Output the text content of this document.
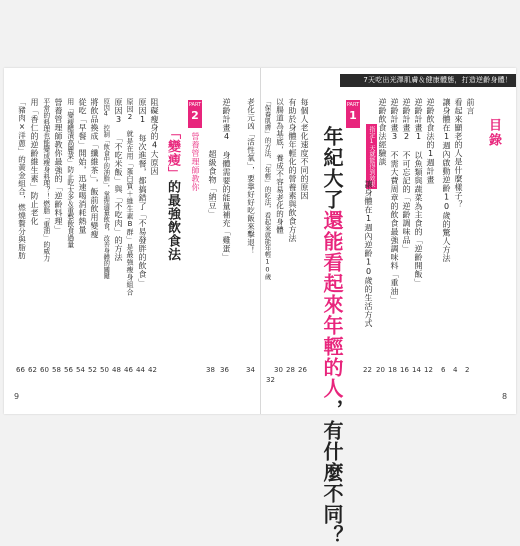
7天吃出光澤肌膚＆健康體態，打造逆齡身體！
目錄
前言
2
看起來顯老的人是什麼樣子？
4
讓身體在1週內啟動逆齡10歲的驚人方法
6
逆齡飲食法的1週計畫
12
逆齡計畫1 以魚類與蔬菜為主食的「逆齡開飯」
14
逆齡計畫2 不可忘記的「逆齡調味品」
16
逆齡計畫3 不需大費周章的飲食最強調味料「重油」
18
逆齡飲食法經驗談
20
指定1天就能得到效果
讓身體在1週內逆齡10歲的生活方式
22
PART
1
年紀大了還能看起來年輕的人，有什麼不同？
每個人老化速度不同的原因
26
有助於身體年輕化的營養素與飲食方法
28
以腸道為基底，養成不容易老化的身體
30
「保養肌膚」的方法、「年輕」的吃法，看起來就能年輕10歲
32
老化元凶「活性氧」，要靠好好吃飯來擊退！
34
逆齡計畫4 身體需要的能量補充「雞蛋」
36
超級食物「納豆」
38
PART
2
營養管理師教你
「變瘦」的最強飲食法
阻礙瘦身的4大原因
42
原因1 每次進餐，都搞錯了「不易發胖的飲食」
44
原因2 就是在用「蛋白質＋維生素B群」是最強瘦身組合
46
原因3 「不吃米飯」與「不吃肉」的方法
48
原因4 控制「飲食中的油脂」，掌握適量飲食，改善身體的關鍵
50
將飲品換成「纖維茶」，飯前飲用變瘦
52
從吃「早餐」開始，迅速喝消耗熱量
54
用「變瘦醋漬高麗菜」防止吃太多＆重整飲食過量
56
營養管理師教你最強的「逆齡料理」
58
平常的料理也能變成瘦身料理？！燃脂「重油」的威力
60
用「香仁的逆齡維生素」防止老化
62
「豬肉×洋蔥」的黃金組合，燃燒贅分與脂肪
66
9	8
